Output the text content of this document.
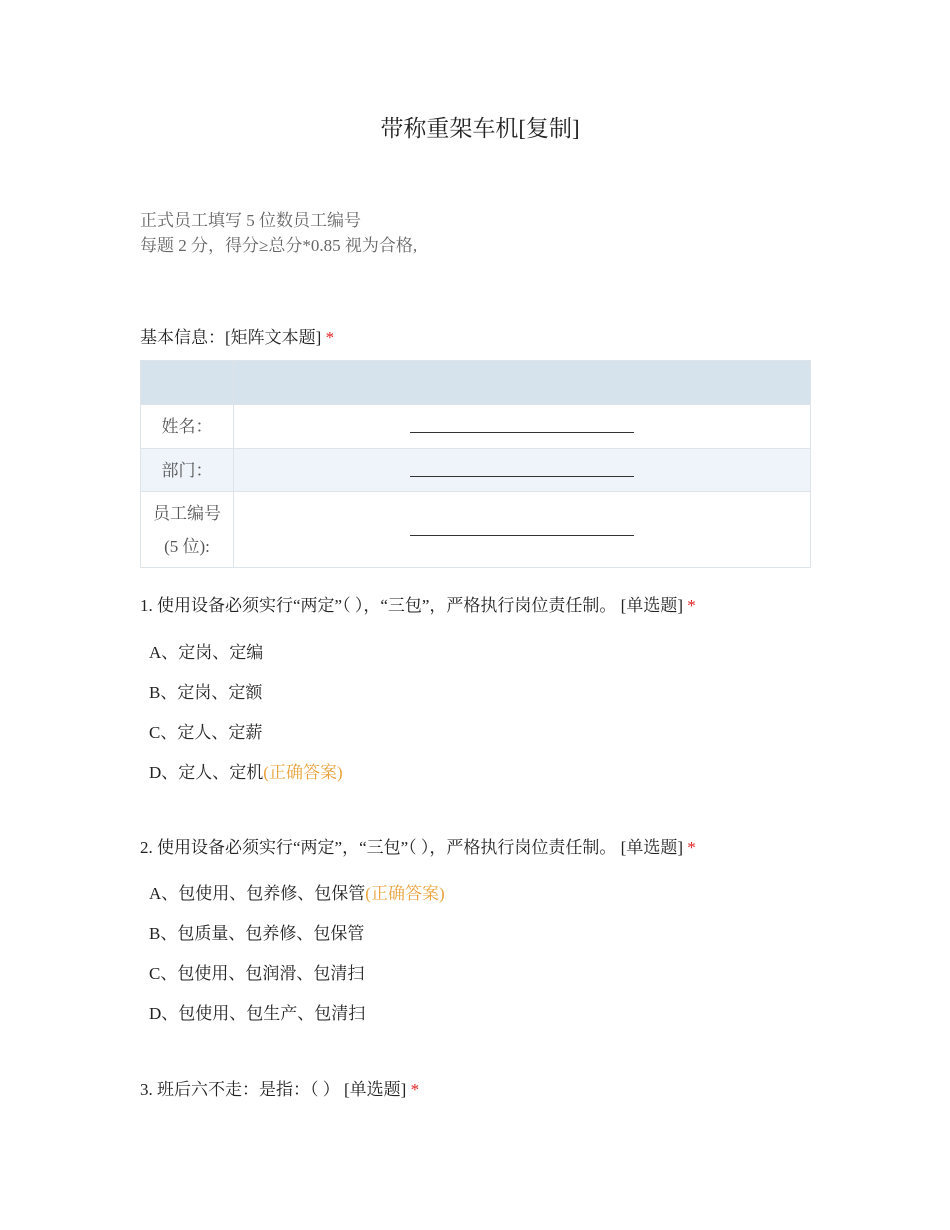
带称重架车机[复制]
正式员工填写 5 位数员工编号
每题 2 分，得分≥总分*0.85 视为合格,
基本信息：[矩阵文本题] *

姓名：	
部门：	

员工编号
(5 位):	

1. 使用设备必须实行“两定”（ ），“三包”，严格执行岗位责任制。 [单选题] *
A、定岗、定编
B、定岗、定额
C、定人、定薪
D、定人、定机(正确答案)
2. 使用设备必须实行“两定”，“三包”（ ），严格执行岗位责任制。 [单选题] *
A、包使用、包养修、包保管(正确答案)
B、包质量、包养修、包保管
C、包使用、包润滑、包清扫
D、包使用、包生产、包清扫
3. 班后六不走：是指：（ ） [单选题] *
